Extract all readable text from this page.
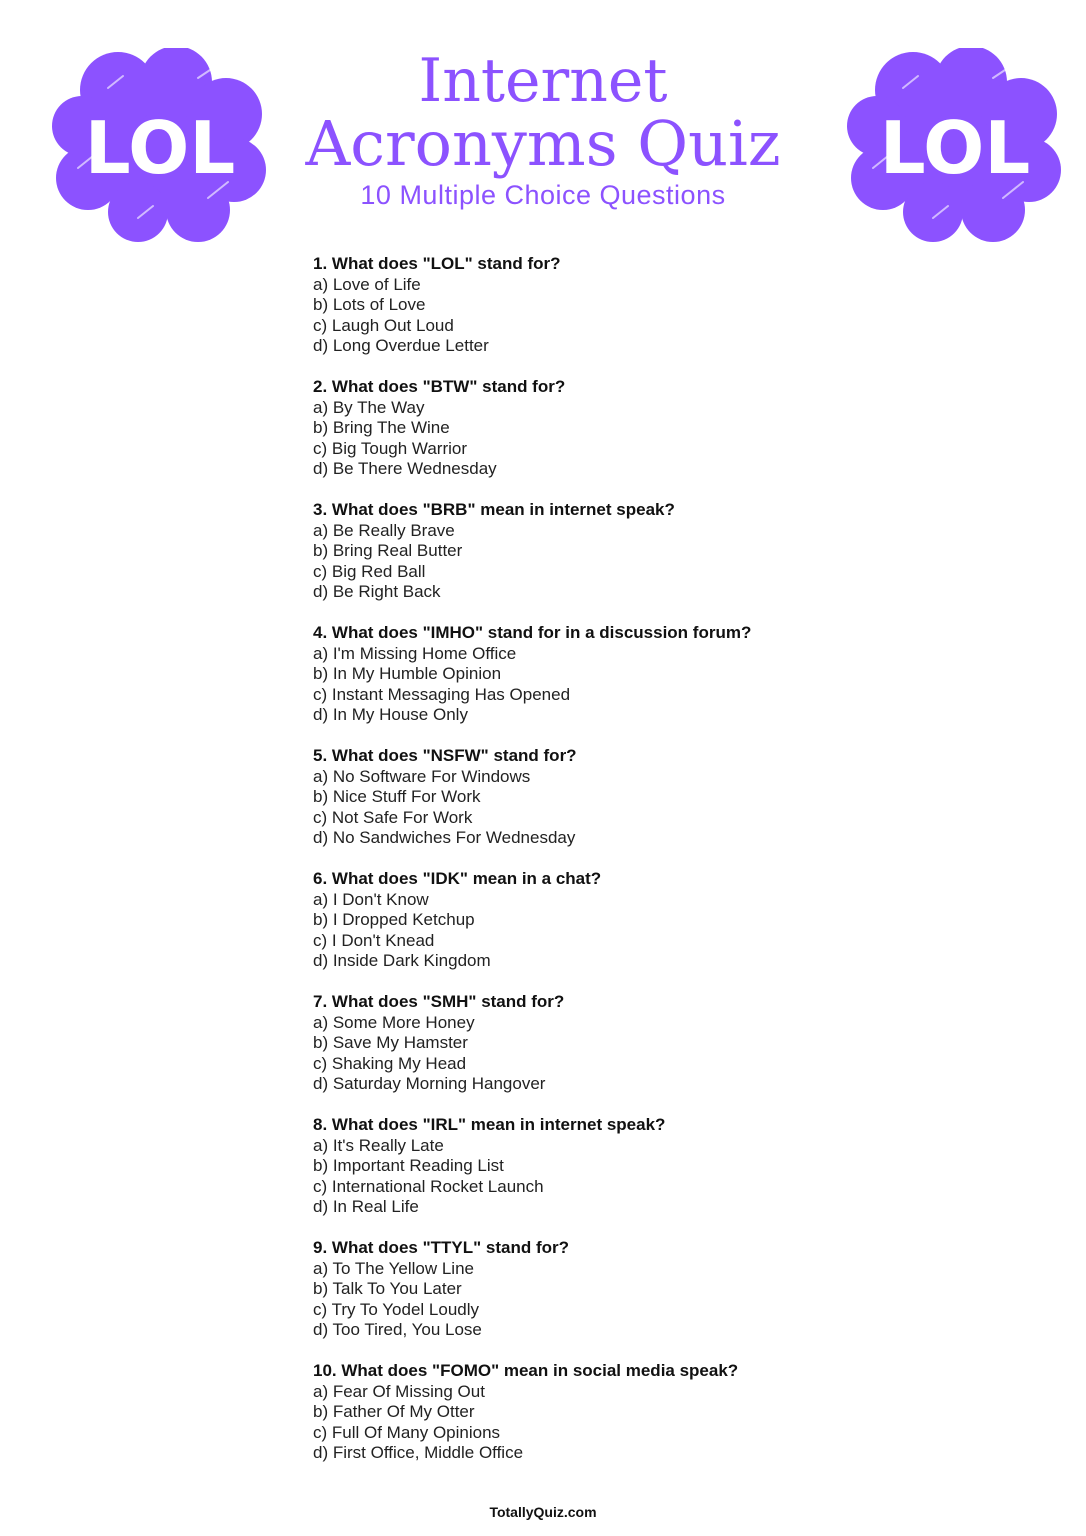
LOL	LOL
Internet
Acronyms Quiz
10 Multiple Choice Questions
1. What does "LOL" stand for?
a) Love of Life
b) Lots of Love
c) Laugh Out Loud
d) Long Overdue Letter
2. What does "BTW" stand for?
a) By The Way
b) Bring The Wine
c) Big Tough Warrior
d) Be There Wednesday
3. What does "BRB" mean in internet speak?
a) Be Really Brave
b) Bring Real Butter
c) Big Red Ball
d) Be Right Back
4. What does "IMHO" stand for in a discussion forum?
a) I'm Missing Home Office
b) In My Humble Opinion
c) Instant Messaging Has Opened
d) In My House Only
5. What does "NSFW" stand for?
a) No Software For Windows
b) Nice Stuff For Work
c) Not Safe For Work
d) No Sandwiches For Wednesday
6. What does "IDK" mean in a chat?
a) I Don't Know
b) I Dropped Ketchup
c) I Don't Knead
d) Inside Dark Kingdom
7. What does "SMH" stand for?
a) Some More Honey
b) Save My Hamster
c) Shaking My Head
d) Saturday Morning Hangover
8. What does "IRL" mean in internet speak?
a) It's Really Late
b) Important Reading List
c) International Rocket Launch
d) In Real Life
9. What does "TTYL" stand for?
a) To The Yellow Line
b) Talk To You Later
c) Try To Yodel Loudly
d) Too Tired, You Lose
10. What does "FOMO" mean in social media speak?
a) Fear Of Missing Out
b) Father Of My Otter
c) Full Of Many Opinions
d) First Office, Middle Office
TotallyQuiz.com
